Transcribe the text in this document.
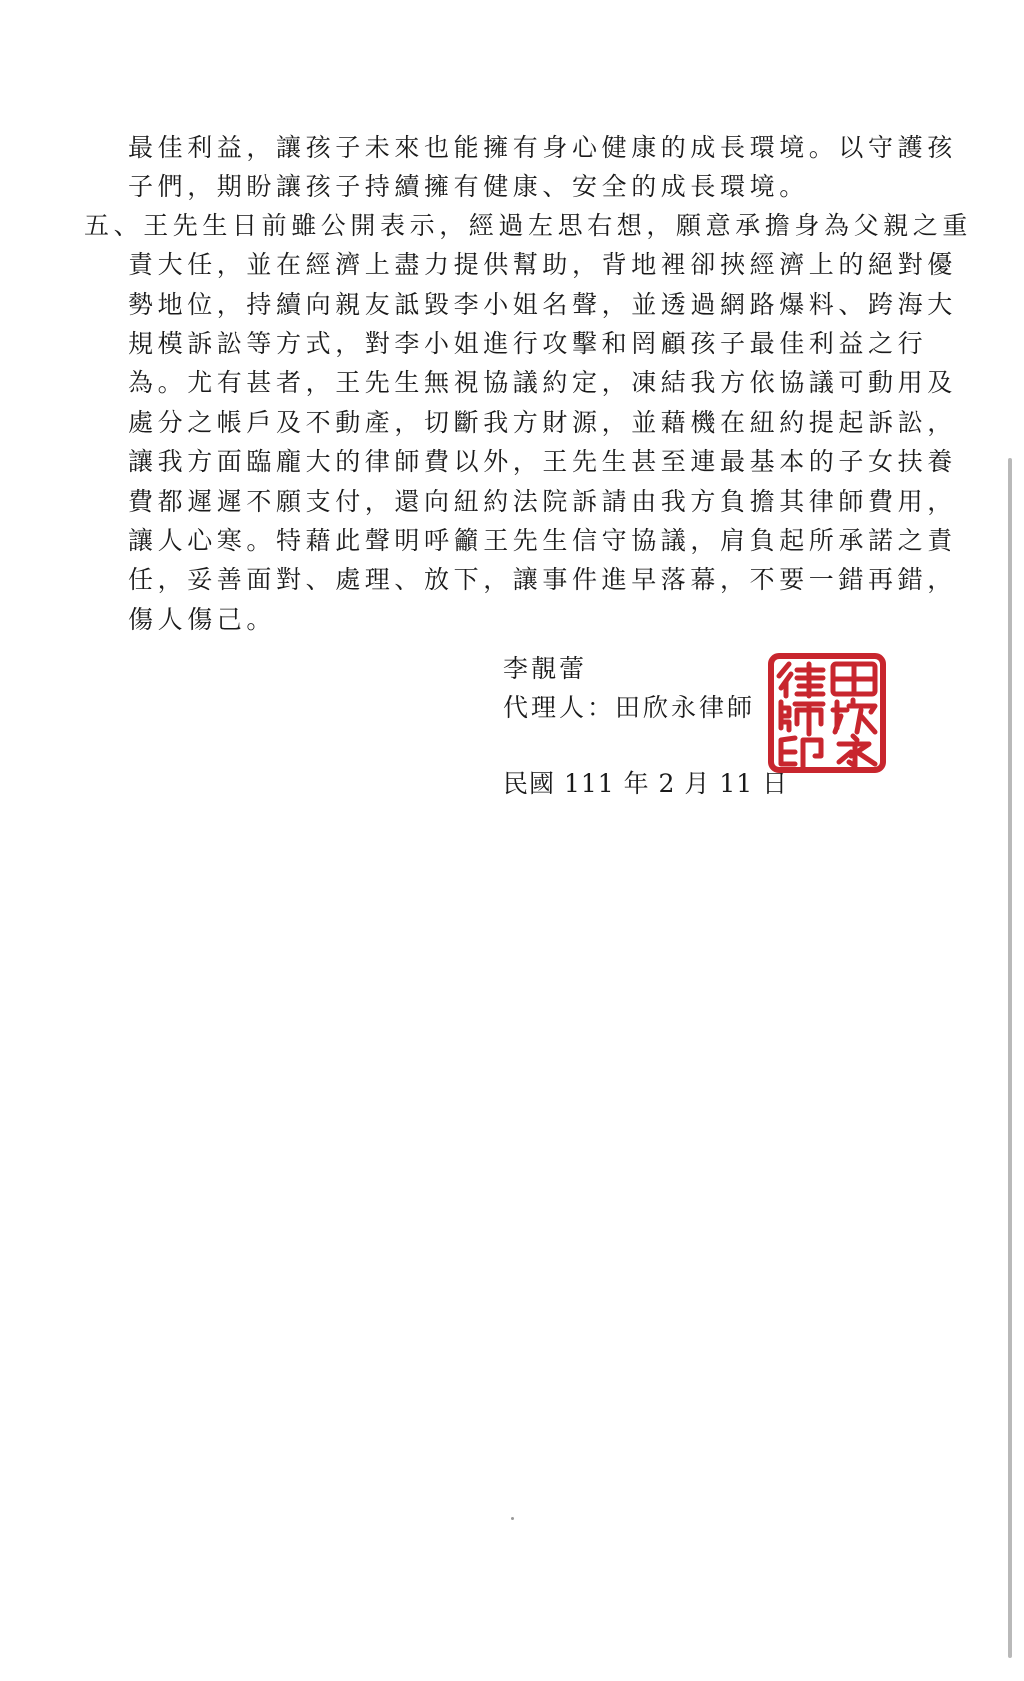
最佳利益，讓孩子未來也能擁有身心健康的成長環境。以守護孩
子們，期盼讓孩子持續擁有健康、安全的成長環境。
五、王先生日前雖公開表示，經過左思右想，願意承擔身為父親之重
責大任，並在經濟上盡力提供幫助，背地裡卻挾經濟上的絕對優
勢地位，持續向親友詆毀李小姐名聲，並透過網路爆料、跨海大
規模訴訟等方式，對李小姐進行攻擊和罔顧孩子最佳利益之行
為。尤有甚者，王先生無視協議約定，凍結我方依協議可動用及
處分之帳戶及不動產，切斷我方財源，並藉機在紐約提起訴訟，
讓我方面臨龐大的律師費以外，王先生甚至連最基本的子女扶養
費都遲遲不願支付，還向紐約法院訴請由我方負擔其律師費用，
讓人心寒。特藉此聲明呼籲王先生信守協議，肩負起所承諾之責
任，妥善面對、處理、放下，讓事件進早落幕，不要一錯再錯，
傷人傷己。
李靚蕾
代理人：田欣永律師
民國 111 年 2 月 11 日
